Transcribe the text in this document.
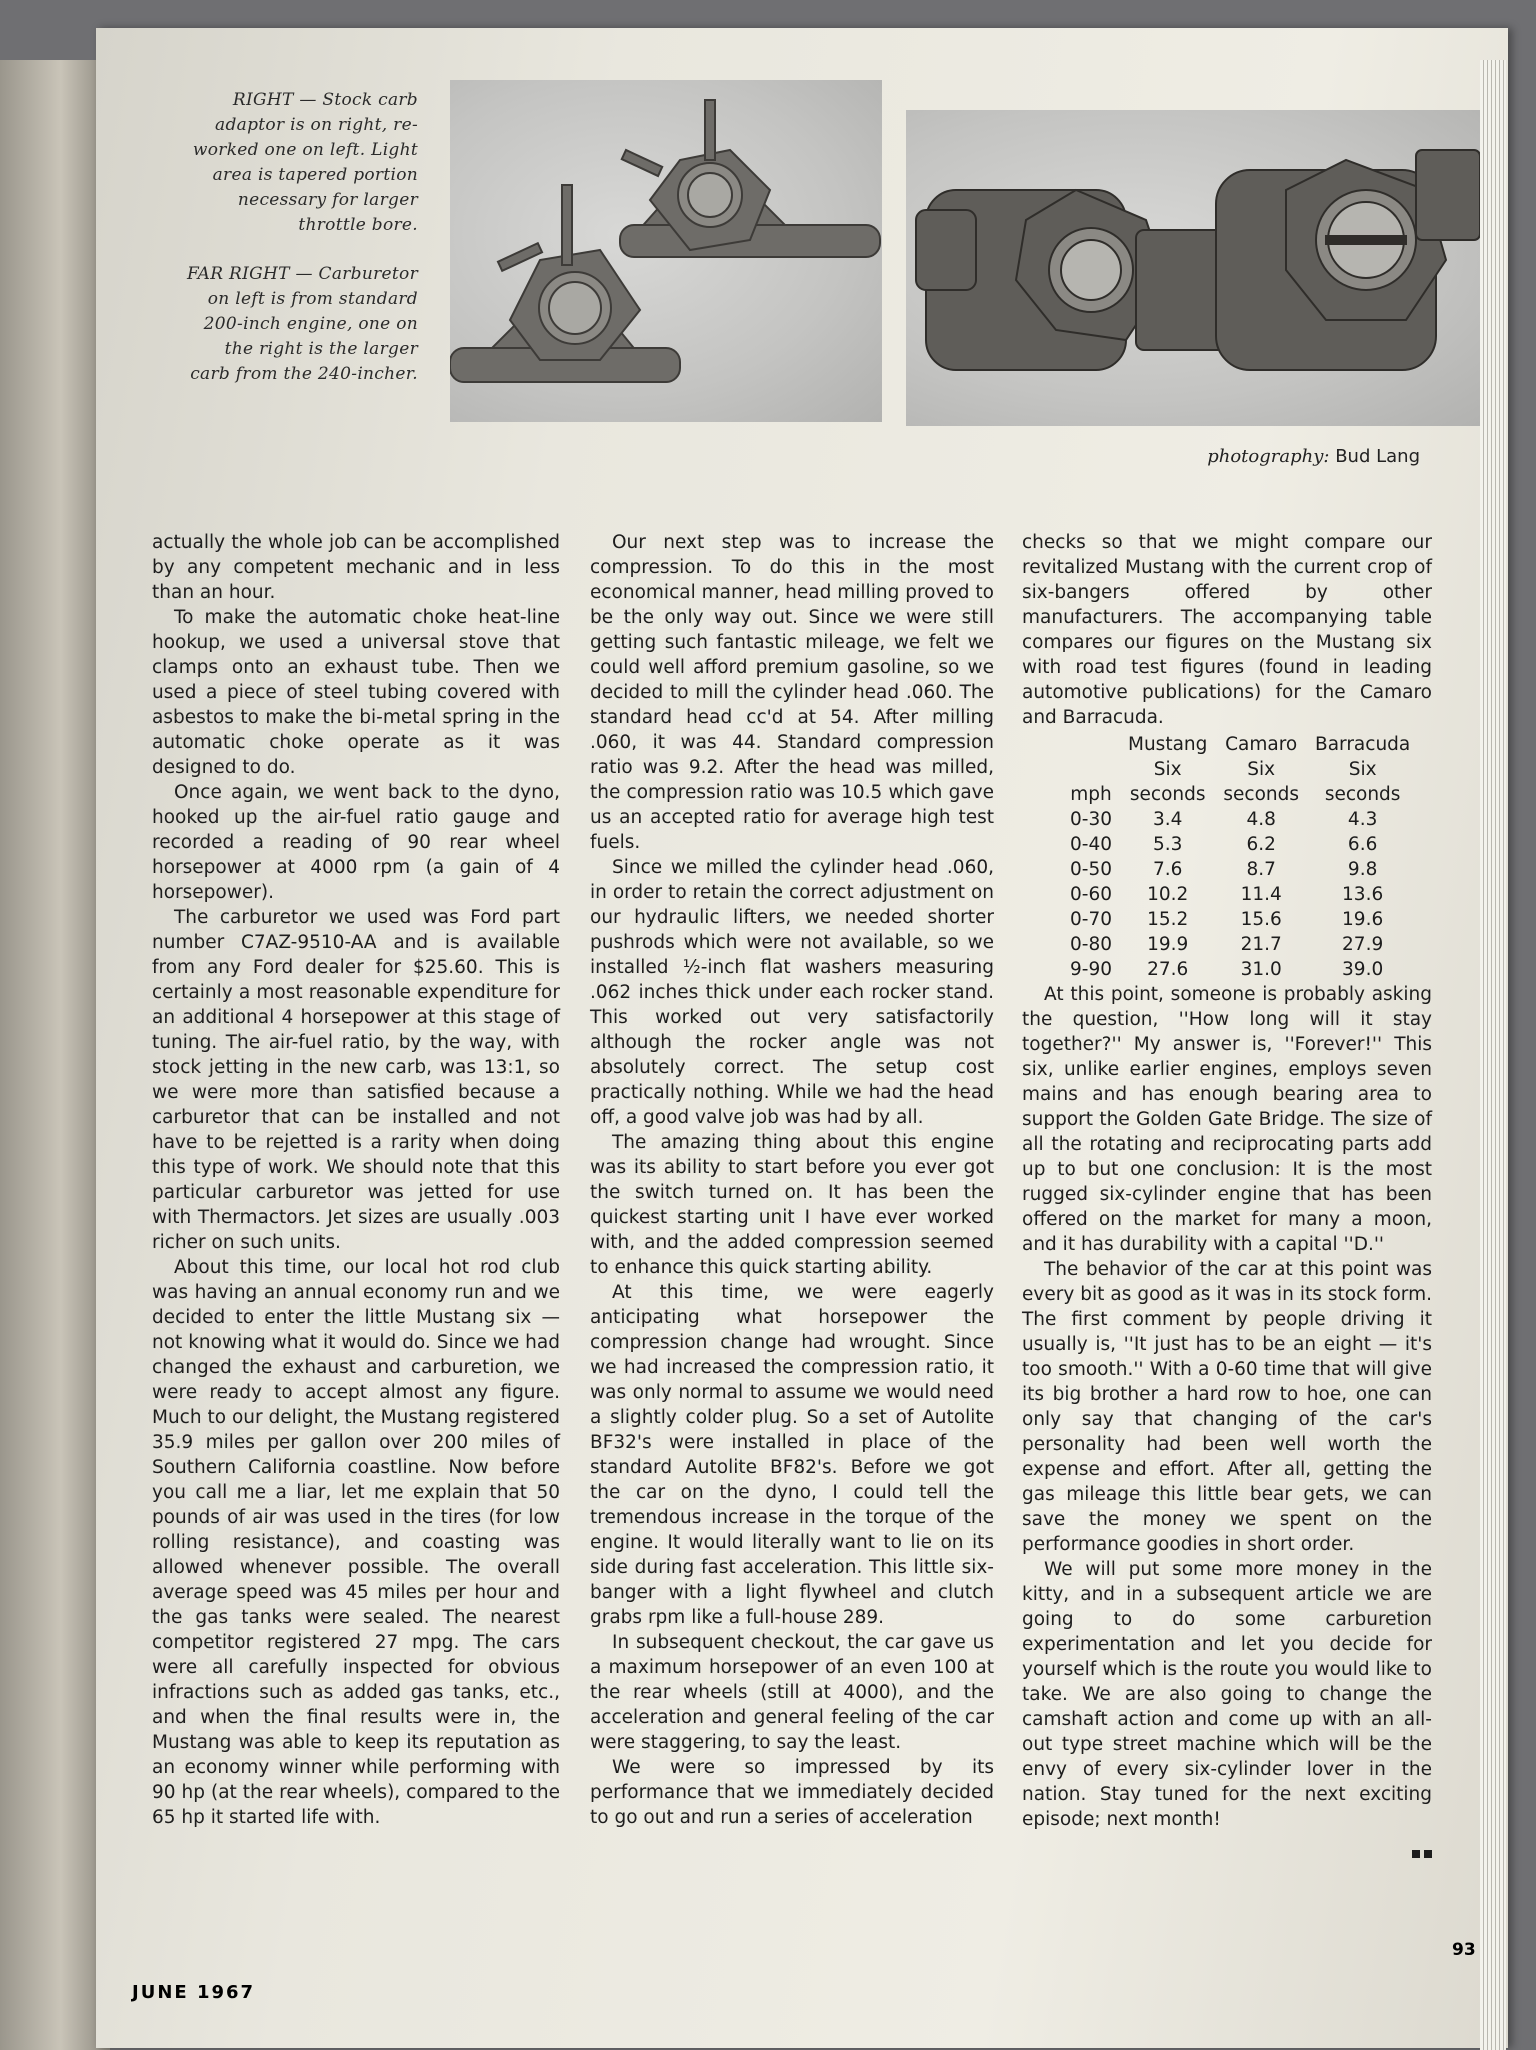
RIGHT — Stock carb
adaptor is on right, re-
worked one on left. Light
area is tapered portion
necessary for larger
throttle bore.
FAR RIGHT — Carburetor
on left is from standard
200-inch engine, one on
the right is the larger
carb from the 240-incher.
photography: Bud Lang

actually the whole job can be accomplished by any competent mechanic and in less than an hour.

To make the automatic choke heat-line hookup, we used a universal stove that clamps onto an exhaust tube. Then we used a piece of steel tubing covered with asbestos to make the bi-metal spring in the automatic choke operate as it was designed to do.

Once again, we went back to the dyno, hooked up the air-fuel ratio gauge and recorded a reading of 90 rear wheel horsepower at 4000 rpm (a gain of 4 horsepower).

The carburetor we used was Ford part number C7AZ-9510-AA and is available from any Ford dealer for $25.60. This is certainly a most reasonable expenditure for an additional 4 horsepower at this stage of tuning. The air-fuel ratio, by the way, with stock jetting in the new carb, was 13:1, so we were more than satisfied because a carburetor that can be installed and not have to be rejetted is a rarity when doing this type of work. We should note that this particular carburetor was jetted for use with Thermactors. Jet sizes are usually .003 richer on such units.

About this time, our local hot rod club was having an annual economy run and we decided to enter the little Mustang six — not knowing what it would do. Since we had changed the exhaust and carburetion, we were ready to accept almost any figure. Much to our delight, the Mustang registered 35.9 miles per gallon over 200 miles of Southern California coastline. Now before you call me a liar, let me explain that 50 pounds of air was used in the tires (for low rolling resistance), and coasting was allowed whenever possible. The overall average speed was 45 miles per hour and the gas tanks were sealed. The nearest competitor registered 27 mpg. The cars were all carefully inspected for obvious infractions such as added gas tanks, etc., and when the final results were in, the Mustang was able to keep its reputation as an economy winner while performing with 90 hp (at the rear wheels), compared to the 65 hp it started life with.

Our next step was to increase the compression. To do this in the most economical manner, head milling proved to be the only way out. Since we were still getting such fantastic mileage, we felt we could well afford premium gasoline, so we decided to mill the cylinder head .060. The standard head cc'd at 54. After milling .060, it was 44. Standard compression ratio was 9.2. After the head was milled, the compression ratio was 10.5 which gave us an accepted ratio for average high test fuels.

Since we milled the cylinder head .060, in order to retain the correct adjustment on our hydraulic lifters, we needed shorter pushrods which were not available, so we installed ½-inch flat washers measuring .062 inches thick under each rocker stand. This worked out very satisfactorily although the rocker angle was not absolutely correct. The setup cost practically nothing. While we had the head off, a good valve job was had by all.

The amazing thing about this engine was its ability to start before you ever got the switch turned on. It has been the quickest starting unit I have ever worked with, and the added compression seemed to enhance this quick starting ability.

At this time, we were eagerly anticipating what horsepower the compression change had wrought. Since we had increased the compression ratio, it was only normal to assume we would need a slightly colder plug. So a set of Autolite BF32's were installed in place of the standard Autolite BF82's. Before we got the car on the dyno, I could tell the tremendous increase in the torque of the engine. It would literally want to lie on its side during fast acceleration. This little six-banger with a light flywheel and clutch grabs rpm like a full-house 289.

In subsequent checkout, the car gave us a maximum horsepower of an even 100 at the rear wheels (still at 4000), and the acceleration and general feeling of the car were staggering, to say the least.

We were so impressed by its performance that we immediately decided to go out and run a series of acceleration

checks so that we might compare our revitalized Mustang with the current crop of six-bangers offered by other manufacturers. The accompanying table compares our figures on the Mustang six with road test figures (found in leading automotive publications) for the Camaro and Barracuda.

	Mustang	Camaro	Barracuda
	Six	Six	Six
mph	seconds	seconds	seconds
0-30	3.4	4.8	4.3
0-40	5.3	6.2	6.6
0-50	7.6	8.7	9.8
0-60	10.2	11.4	13.6
0-70	15.2	15.6	19.6
0-80	19.9	21.7	27.9
9-90	27.6	31.0	39.0

At this point, someone is probably asking the question, ''How long will it stay together?'' My answer is, ''Forever!'' This six, unlike earlier engines, employs seven mains and has enough bearing area to support the Golden Gate Bridge. The size of all the rotating and reciprocating parts add up to but one conclusion: It is the most rugged six-cylinder engine that has been offered on the market for many a moon, and it has durability with a capital ''D.''

The behavior of the car at this point was every bit as good as it was in its stock form. The first comment by people driving it usually is, ''It just has to be an eight — it's too smooth.'' With a 0-60 time that will give its big brother a hard row to hoe, one can only say that changing of the car's personality had been well worth the expense and effort. After all, getting the gas mileage this little bear gets, we can save the money we spent on the performance goodies in short order.

We will put some more money in the kitty, and in a subsequent article we are going to do some carburetion experimentation and let you decide for yourself which is the route you would like to take. We are also going to change the camshaft action and come up with an all-out type street machine which will be the envy of every six-cylinder lover in the nation. Stay tuned for the next exciting episode; next month!

93
JUNE 1967
